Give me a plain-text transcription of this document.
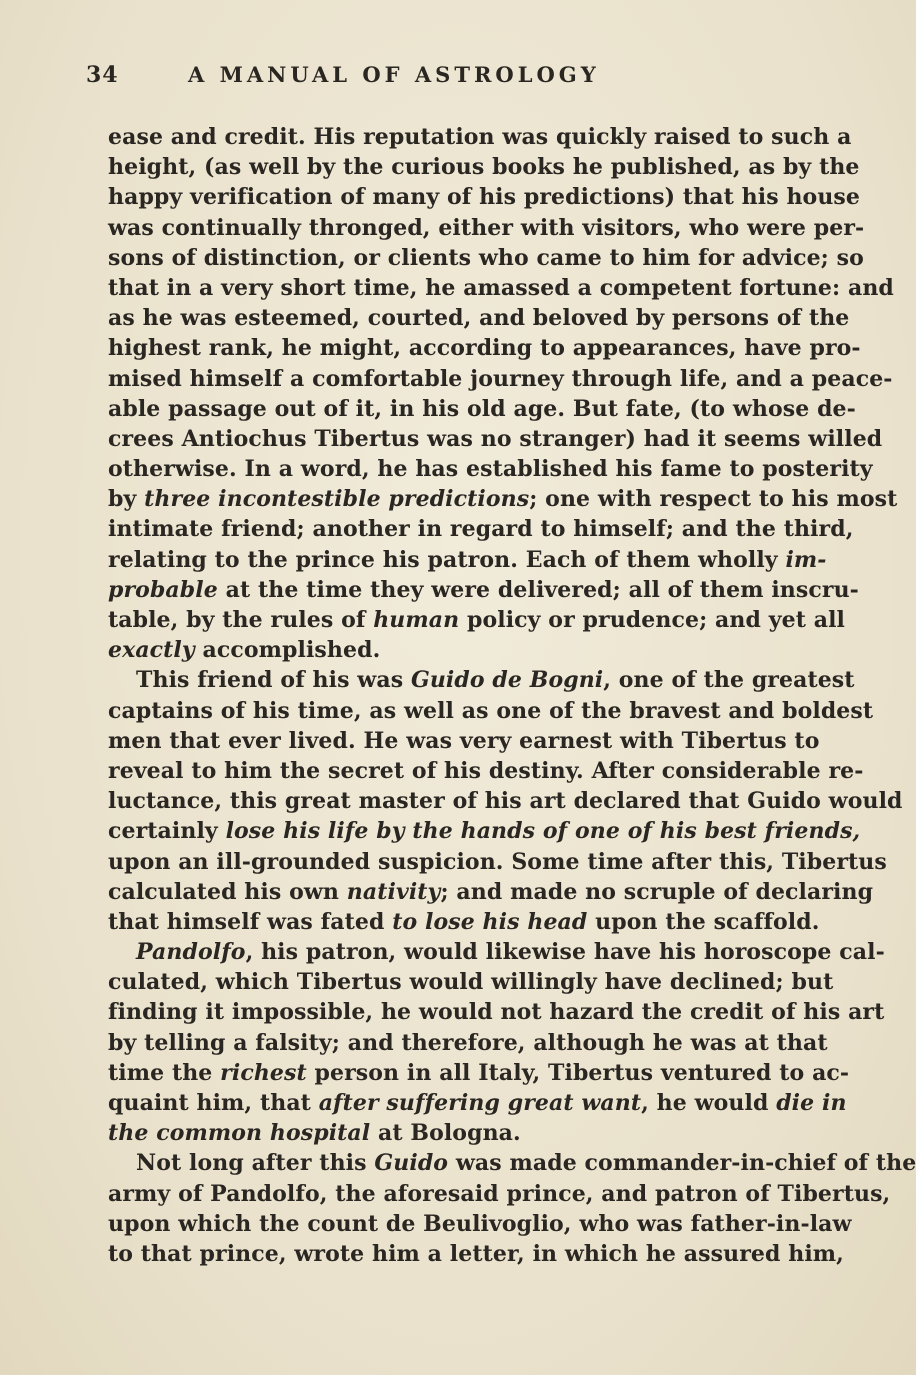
34	A MANUAL OF ASTROLOGY
ease and credit. His reputation was quickly raised to such a
height, (as well by the curious books he published, as by the
happy verification of many of his predictions) that his house
was continually thronged, either with visitors, who were per-
sons of distinction, or clients who came to him for advice; so
that in a very short time, he amassed a competent fortune: and
as he was esteemed, courted, and beloved by persons of the
highest rank, he might, according to appearances, have pro-
mised himself a comfortable journey through life, and a peace-
able passage out of it, in his old age. But fate, (to whose de-
crees Antiochus Tibertus was no stranger) had it seems willed
otherwise. In a word, he has established his fame to posterity
by three incontestible predictions; one with respect to his most
intimate friend; another in regard to himself; and the third,
relating to the prince his patron. Each of them wholly im-
probable at the time they were delivered; all of them inscru-
table, by the rules of human policy or prudence; and yet all
exactly accomplished.
This friend of his was Guido de Bogni, one of the greatest
captains of his time, as well as one of the bravest and boldest
men that ever lived. He was very earnest with Tibertus to
reveal to him the secret of his destiny. After considerable re-
luctance, this great master of his art declared that Guido would
certainly lose his life by the hands of one of his best friends,
upon an ill-grounded suspicion. Some time after this, Tibertus
calculated his own nativity; and made no scruple of declaring
that himself was fated to lose his head upon the scaffold.
Pandolfo, his patron, would likewise have his horoscope cal-
culated, which Tibertus would willingly have declined; but
finding it impossible, he would not hazard the credit of his art
by telling a falsity; and therefore, although he was at that
time the richest person in all Italy, Tibertus ventured to ac-
quaint him, that after suffering great want, he would die in
the common hospital at Bologna.
Not long after this Guido was made commander-in-chief of the
army of Pandolfo, the aforesaid prince, and patron of Tibertus,
upon which the count de Beulivoglio, who was father-in-law
to that prince, wrote him a letter, in which he assured him,
